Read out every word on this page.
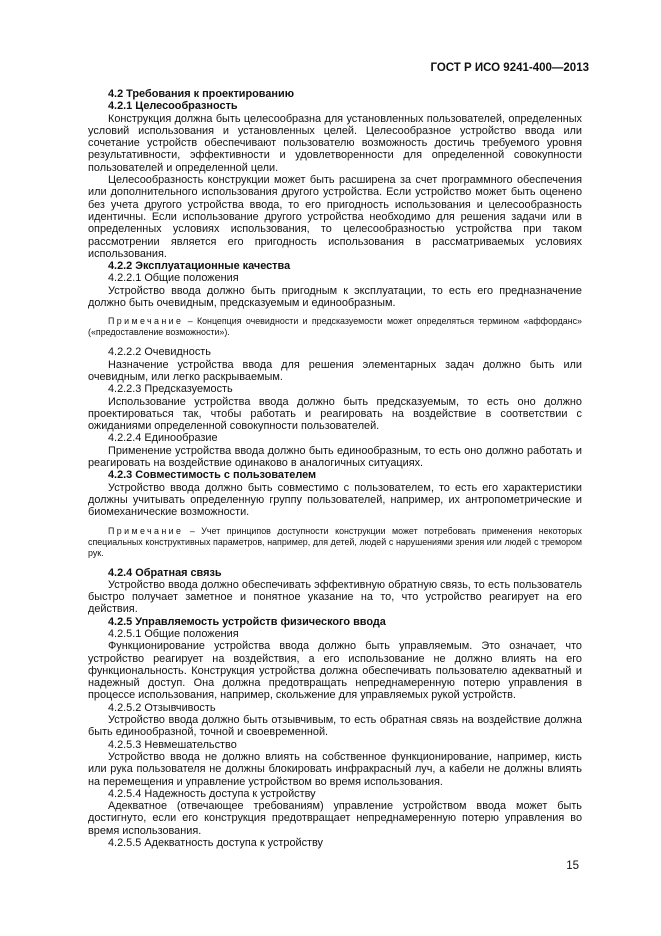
ГОСТ Р ИСО 9241-400—2013

4.2 Требования к проектированию

4.2.1 Целесообразность

Конструкция должна быть целесообразна для установленных пользователей, определенных условий использования и установленных целей. Целесообразное устройство ввода или сочетание устройств обеспечивают пользователю возможность достичь требуемого уровня результативности, эффективности и удовлетворенности для определенной совокупности пользователей и определенной цели.

Целесообразность конструкции может быть расширена за счет программного обеспечения или дополнительного использования другого устройства. Если устройство может быть оценено без учета другого устройства ввода, то его пригодность использования и целесообразность идентичны. Если использование другого устройства необходимо для решения задачи или в определенных условиях использования, то целесообразностью устройства при таком рассмотрении является его пригодность использования в рассматриваемых условиях использования.

4.2.2 Эксплуатационные качества

4.2.2.1 Общие положения

Устройство ввода должно быть пригодным к эксплуатации, то есть его предназначение должно быть очевидным, предсказуемым и единообразным.

Примечание – Концепция очевидности и предсказуемости может определяться термином «аффорданс» («предоставление возможности»).

4.2.2.2 Очевидность

Назначение устройства ввода для решения элементарных задач должно быть или очевидным, или легко раскрываемым.

4.2.2.3 Предсказуемость

Использование устройства ввода должно быть предсказуемым, то есть оно должно проектироваться так, чтобы работать и реагировать на воздействие в соответствии с ожиданиями определенной совокупности пользователей.

4.2.2.4 Единообразие

Применение устройства ввода должно быть единообразным, то есть оно должно работать и реагировать на воздействие одинаково в аналогичных ситуациях.

4.2.3 Совместимость с пользователем

Устройство ввода должно быть совместимо с пользователем, то есть его характеристики должны учитывать определенную группу пользователей, например, их антропометрические и биомеханические возможности.

Примечание – Учет принципов доступности конструкции может потребовать применения некоторых специальных конструктивных параметров, например, для детей, людей с нарушениями зрения или людей с тремором рук.

4.2.4 Обратная связь

Устройство ввода должно обеспечивать эффективную обратную связь, то есть пользователь быстро получает заметное и понятное указание на то, что устройство реагирует на его действия.

4.2.5 Управляемость устройств физического ввода

4.2.5.1 Общие положения

Функционирование устройства ввода должно быть управляемым. Это означает, что устройство реагирует на воздействия, а его использование не должно влиять на его функциональность. Конструкция устройства должна обеспечивать пользователю адекватный и надежный доступ. Она должна предотвращать непреднамеренную потерю управления в процессе использования, например, скольжение для управляемых рукой устройств.

4.2.5.2 Отзывчивость

Устройство ввода должно быть отзывчивым, то есть обратная связь на воздействие должна быть единообразной, точной и своевременной.

4.2.5.3 Невмешательство

Устройство ввода не должно влиять на собственное функционирование, например, кисть или рука пользователя не должны блокировать инфракрасный луч, а кабели не должны влиять на перемещения и управление устройством во время использования.

4.2.5.4 Надежность доступа к устройству

Адекватное (отвечающее требованиям) управление устройством ввода может быть достигнуто, если его конструкция предотвращает непреднамеренную потерю управления во время использования.

4.2.5.5 Адекватность доступа к устройству

15
